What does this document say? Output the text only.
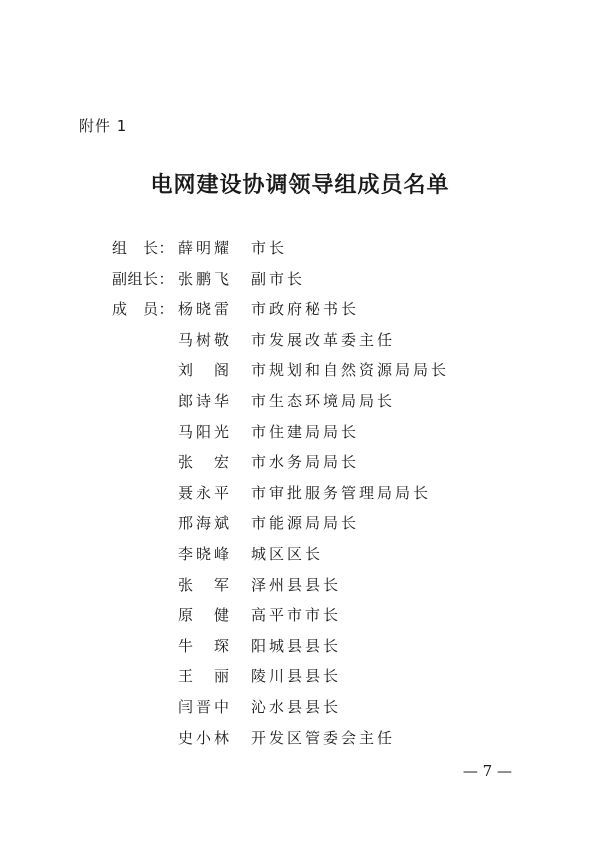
附件 1
电网建设协调领导组成员名单
组　长： 薛明耀	市长
副组长： 张鹏飞	副市长
成　员： 杨晓雷	市政府秘书长
马树敬	市发展改革委主任
刘　阁	市规划和自然资源局局长
郎诗华	市生态环境局局长
马阳光	市住建局局长
张　宏	市水务局局长
聂永平	市审批服务管理局局长
邢海斌	市能源局局长
李晓峰	城区区长
张　军	泽州县县长
原　健	高平市市长
牛　琛	阳城县县长
王　丽	陵川县县长
闫晋中	沁水县县长
史小林	开发区管委会主任
— 7 —
